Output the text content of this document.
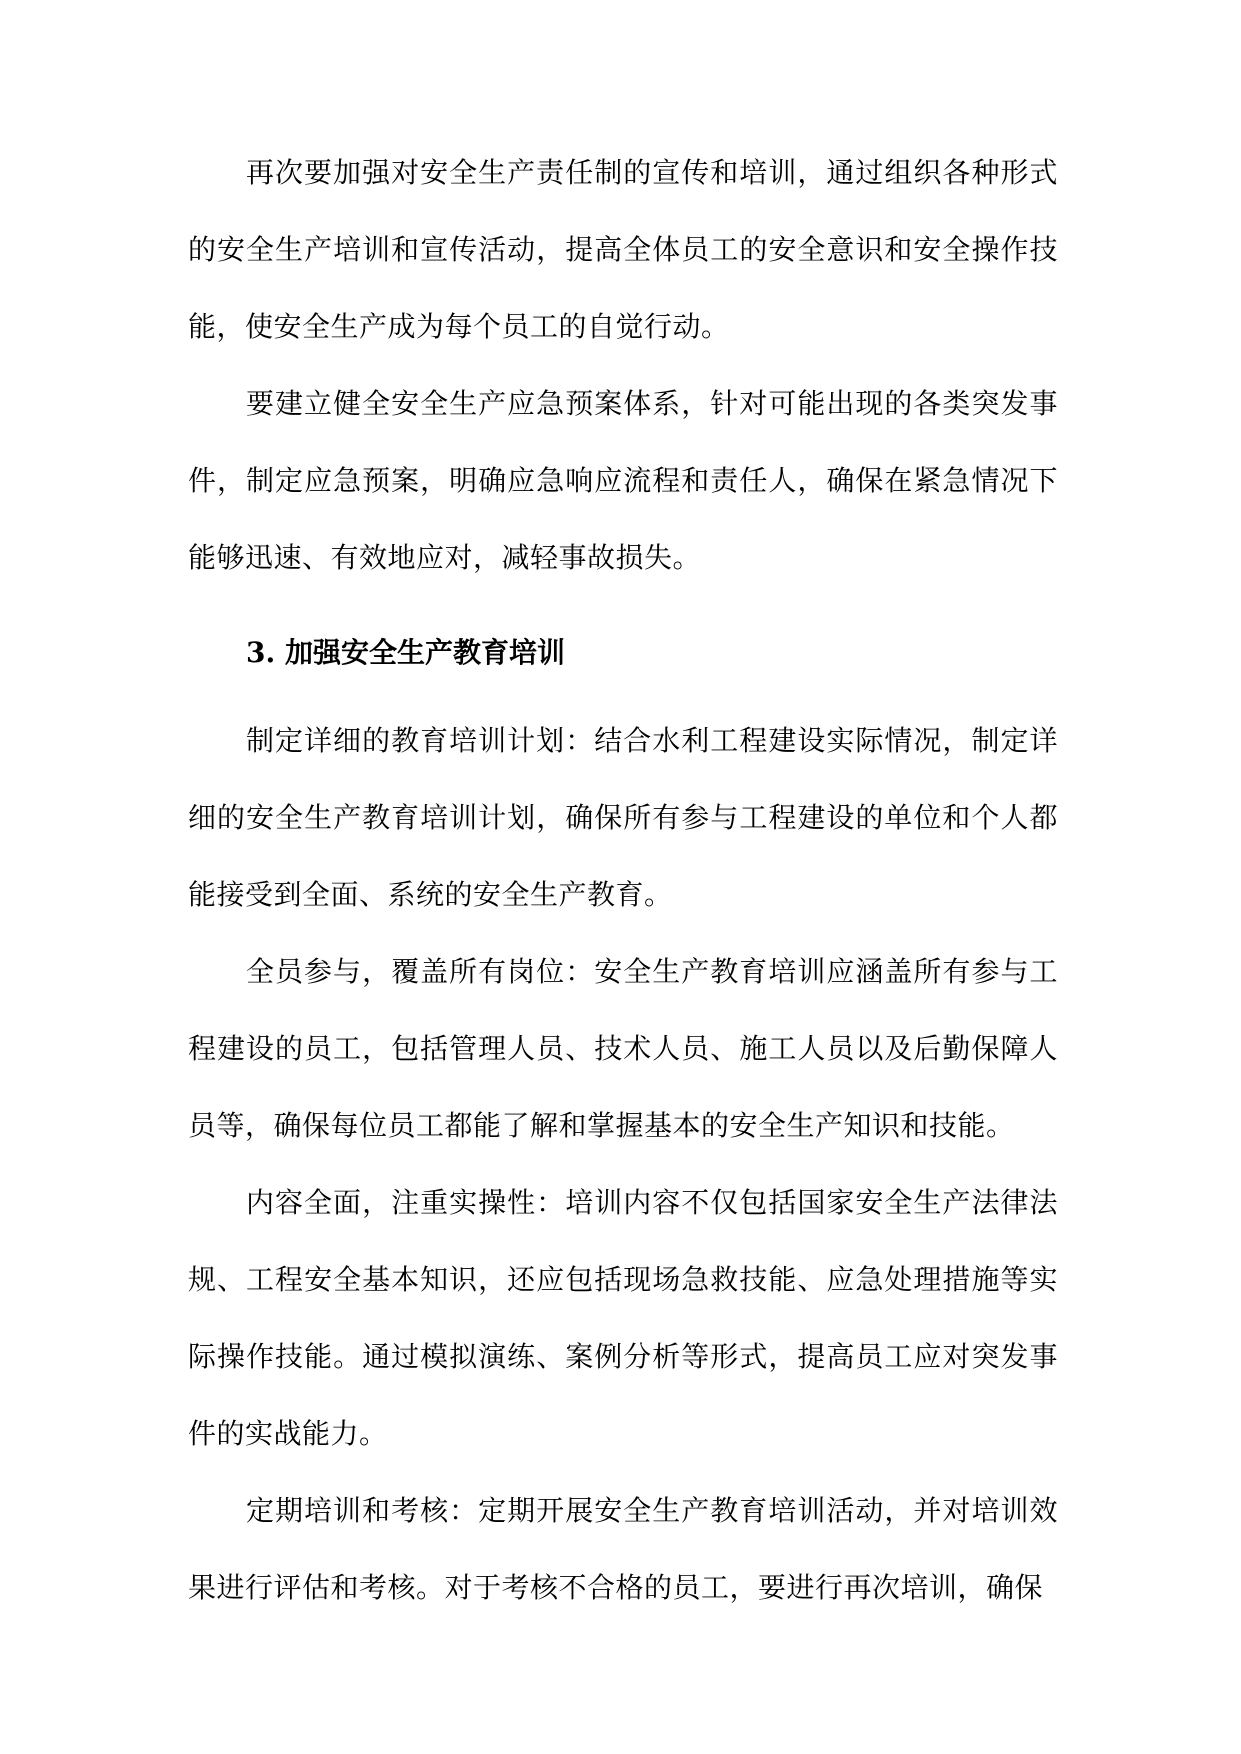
再次要加强对安全生产责任制的宣传和培训，通过组织各种形式的安全生产培训和宣传活动，提高全体员工的安全意识和安全操作技能，使安全生产成为每个员工的自觉行动。

要建立健全安全生产应急预案体系，针对可能出现的各类突发事件，制定应急预案，明确应急响应流程和责任人，确保在紧急情况下能够迅速、有效地应对，减轻事故损失。

3. 加强安全生产教育培训

制定详细的教育培训计划：结合水利工程建设实际情况，制定详细的安全生产教育培训计划，确保所有参与工程建设的单位和个人都能接受到全面、系统的安全生产教育。

全员参与，覆盖所有岗位：安全生产教育培训应涵盖所有参与工程建设的员工，包括管理人员、技术人员、施工人员以及后勤保障人员等，确保每位员工都能了解和掌握基本的安全生产知识和技能。

内容全面，注重实操性：培训内容不仅包括国家安全生产法律法规、工程安全基本知识，还应包括现场急救技能、应急处理措施等实际操作技能。通过模拟演练、案例分析等形式，提高员工应对突发事件的实战能力。

定期培训和考核：定期开展安全生产教育培训活动，并对培训效果进行评估和考核。对于考核不合格的员工，要进行再次培训，确保
